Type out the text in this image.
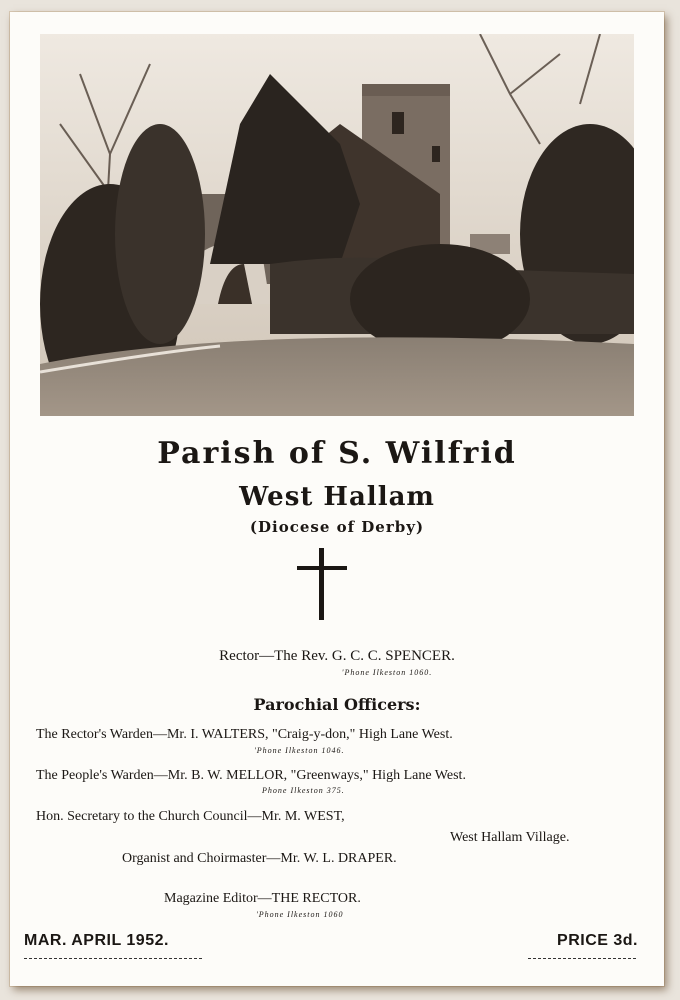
Parish of S. Wilfrid
West Hallam
(Diocese of Derby)
Rector—The Rev. G. C. C. SPENCER.
'Phone Ilkeston 1060.
Parochial Officers:
The Rector's Warden—Mr. I. WALTERS, "Craig-y-don," High Lane West.
'Phone Ilkeston 1046.
The People's Warden—Mr. B. W. MELLOR, "Greenways," High Lane West.
Phone Ilkeston 375.
Hon. Secretary to the Church Council—Mr. M. WEST,
West Hallam Village.
Organist and Choirmaster—Mr. W. L. DRAPER.
Magazine Editor—THE RECTOR.
'Phone Ilkeston 1060
MAR. APRIL 1952.	PRICE 3d.
